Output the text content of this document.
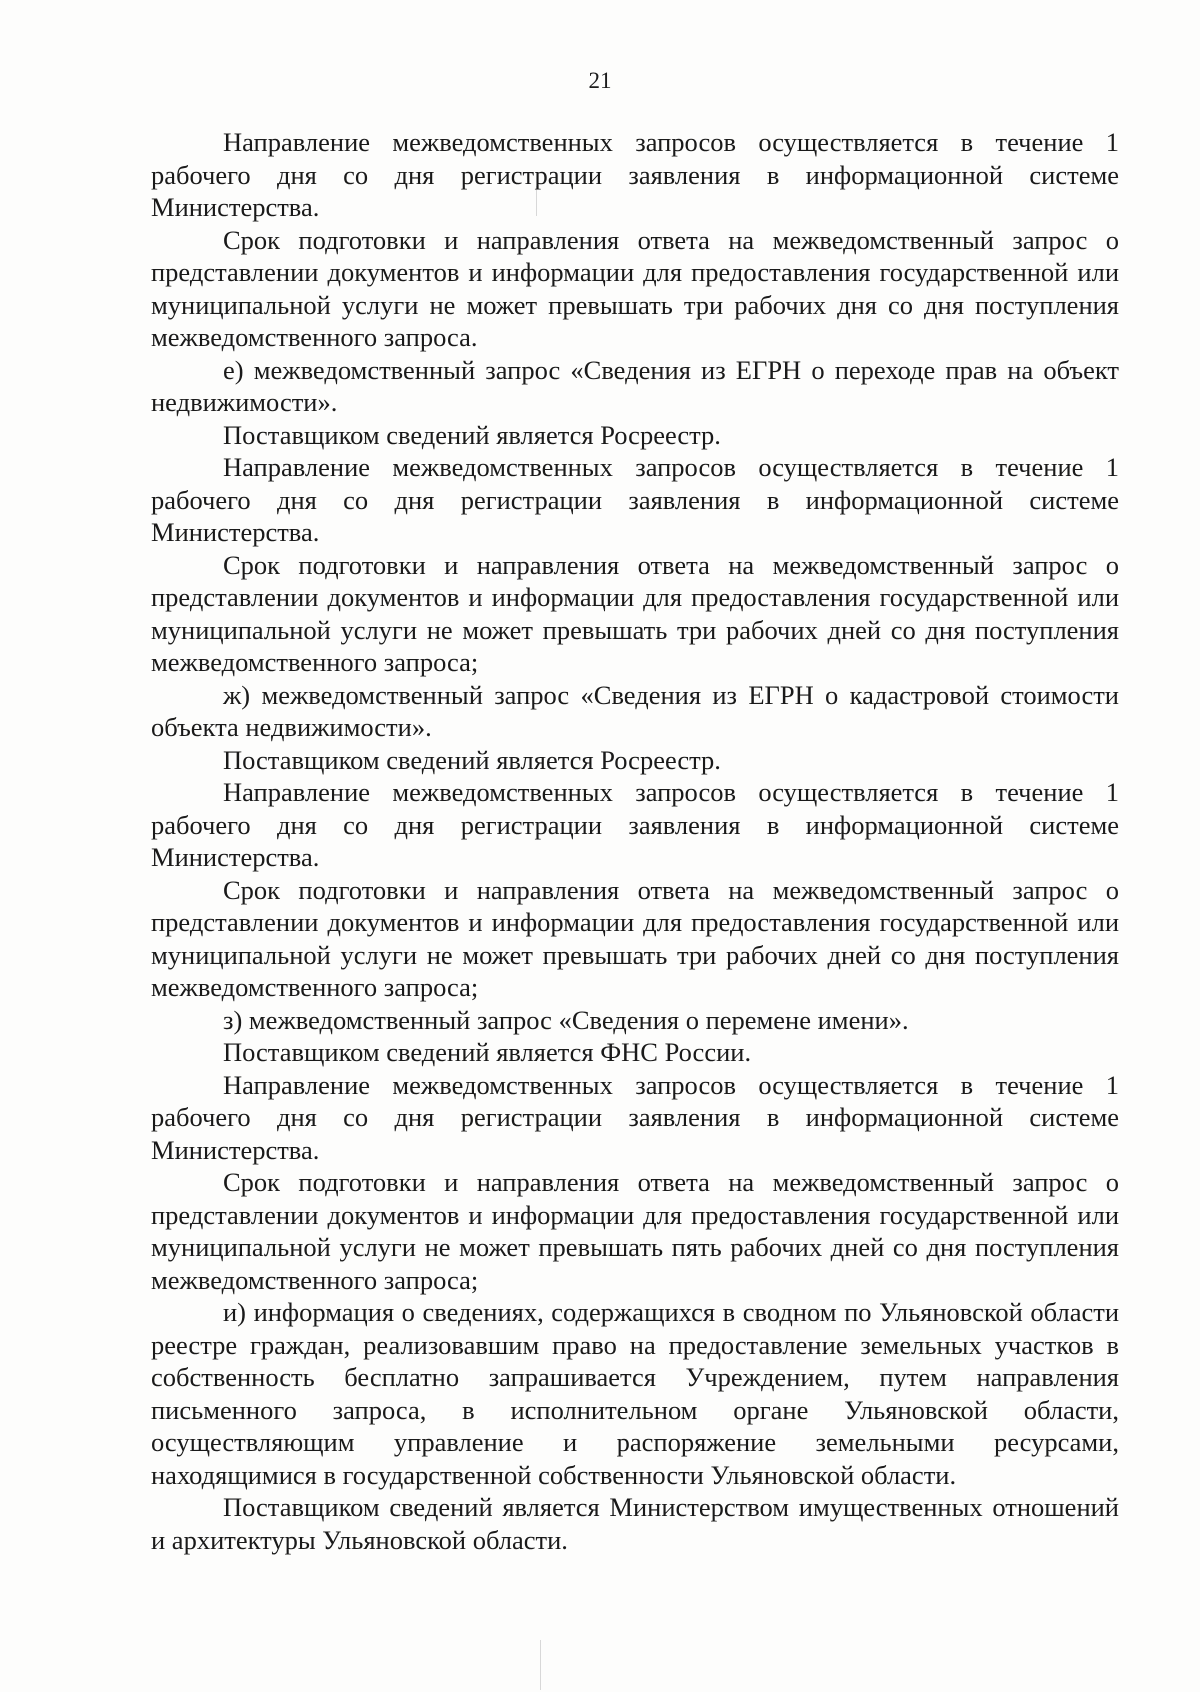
21

Направление межведомственных запросов осуществляется в течение 1 рабочего дня со дня регистрации заявления в информационной системе Министерства.

Срок подготовки и направления ответа на межведомственный запрос о представлении документов и информации для предоставления государственной или муниципальной услуги не может превышать три рабочих дня со дня поступления межведомственного запроса.

е) межведомственный запрос «Сведения из ЕГРН о переходе прав на объект недвижимости».

Поставщиком сведений является Росреестр.

Направление межведомственных запросов осуществляется в течение 1 рабочего дня со дня регистрации заявления в информационной системе Министерства.

Срок подготовки и направления ответа на межведомственный запрос о представлении документов и информации для предоставления государственной или муниципальной услуги не может превышать три рабочих дней со дня поступления межведомственного запроса;

ж) межведомственный запрос «Сведения из ЕГРН о кадастровой стоимости объекта недвижимости».

Поставщиком сведений является Росреестр.

Направление межведомственных запросов осуществляется в течение 1 рабочего дня со дня регистрации заявления в информационной системе Министерства.

Срок подготовки и направления ответа на межведомственный запрос о представлении документов и информации для предоставления государственной или муниципальной услуги не может превышать три рабочих дней со дня поступления межведомственного запроса;

з) межведомственный запрос «Сведения о перемене имени».

Поставщиком сведений является ФНС России.

Направление межведомственных запросов осуществляется в течение 1 рабочего дня со дня регистрации заявления в информационной системе Министерства.

Срок подготовки и направления ответа на межведомственный запрос о представлении документов и информации для предоставления государственной или муниципальной услуги не может превышать пять рабочих дней со дня поступления межведомственного запроса;

и) информация о сведениях, содержащихся в сводном по Ульяновской области реестре граждан, реализовавшим право на предоставление земельных участков в собственность бесплатно запрашивается Учреждением, путем направления письменного запроса, в исполнительном органе Ульяновской области, осуществляющим управление и распоряжение земельными ресурсами, находящимися в государственной собственности Ульяновской области.

Поставщиком сведений является Министерством имущественных отношений и архитектуры Ульяновской области.
